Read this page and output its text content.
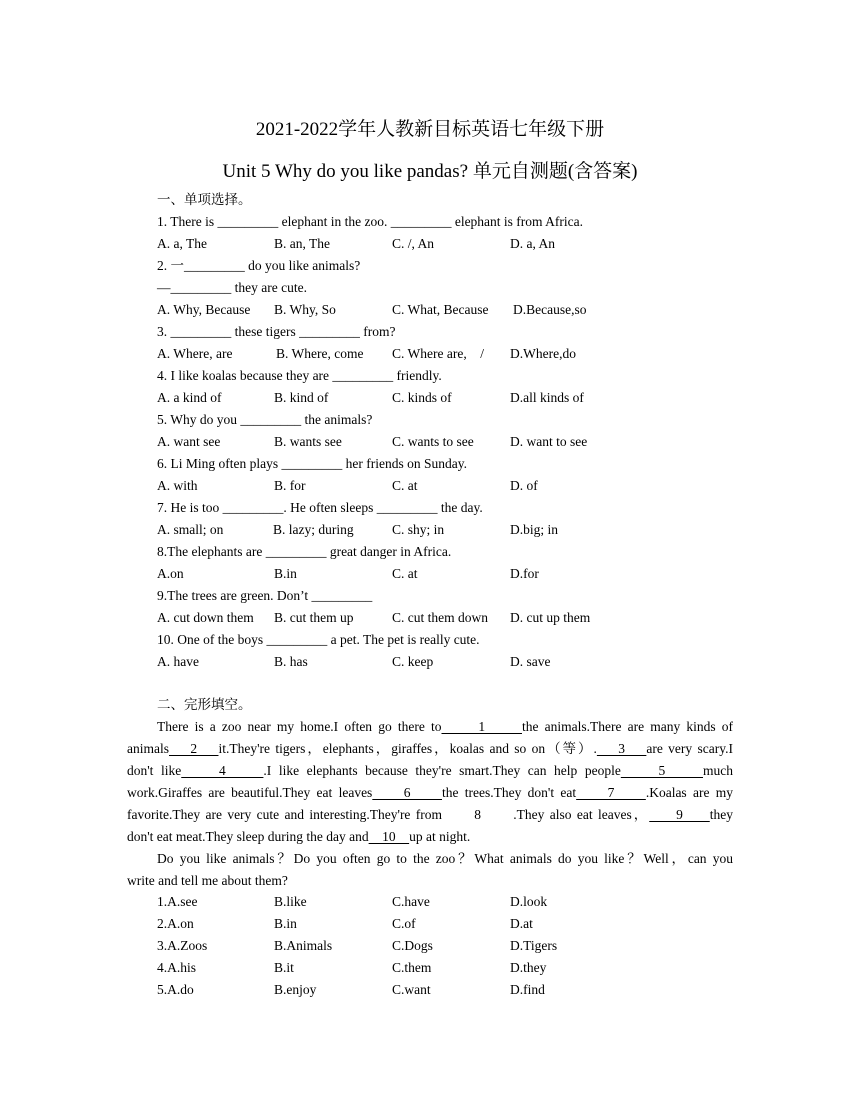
2021-2022学年人教新目标英语七年级下册
Unit 5 Why do you like pandas? 单元自测题(含答案)
一、单项选择。
1. There is _________ elephant in the zoo. _________ elephant is from Africa.
A. a, The	B. an, The	C. /, An	D. a, An
2. 一_________ do you like animals?
—_________ they are cute.
A. Why, Because B. Why, So	C. What, Because D.Because,so
3. _________ these tigers _________ from?
A. Where, are	B. Where, come C. Where are,    / D.Where,do
4. I like koalas because they are _________ friendly.
A. a kind of	B. kind of	C. kinds of	D.all kinds of
5. Why do you _________ the animals?
A. want see	B. wants see	C. wants to see	D. want to see
6. Li Ming often plays _________ her friends on Sunday.
A. with	B. for	C. at	D. of
7. He is too _________. He often sleeps _________ the day.
A. small; on	B. lazy; during	C. shy; in	D.big; in
8.The elephants are _________ great danger in Africa.
A.on	B.in	C. at	D.for
9.The trees are green. Don’t _________
A. cut down them B. cut them up	C. cut them down D. cut up them
10. One of the boys _________ a pet. The pet is really cute.
A. have	B. has	C. keep	D. save
二、完形填空。
There is a zoo near my home.I often go there to      1      the animals.There are many kinds of
animals    2    it.They're tigers，elephants，giraffes，koalas and so on（等）.    3    are very scary.I
don't like     4     .I like elephants because they're smart.They can help people     5     much
work.Giraffes are beautiful.They eat leaves     6     the trees.They don't eat     7     .Koalas are my
favorite.They are very cute and interesting.They're from      8      .They also eat leaves，     9     they
don't eat meat.They sleep during the day and    10    up at night.
Do you like animals？Do you often go to the zoo？What animals do you like？Well，can you
write and tell me about them?
1.A.see	B.like	C.have	D.look
2.A.on	B.in	C.of	D.at
3.A.Zoos	B.Animals	C.Dogs	D.Tigers
4.A.his	B.it	C.them	D.they
5.A.do	B.enjoy	C.want	D.find
